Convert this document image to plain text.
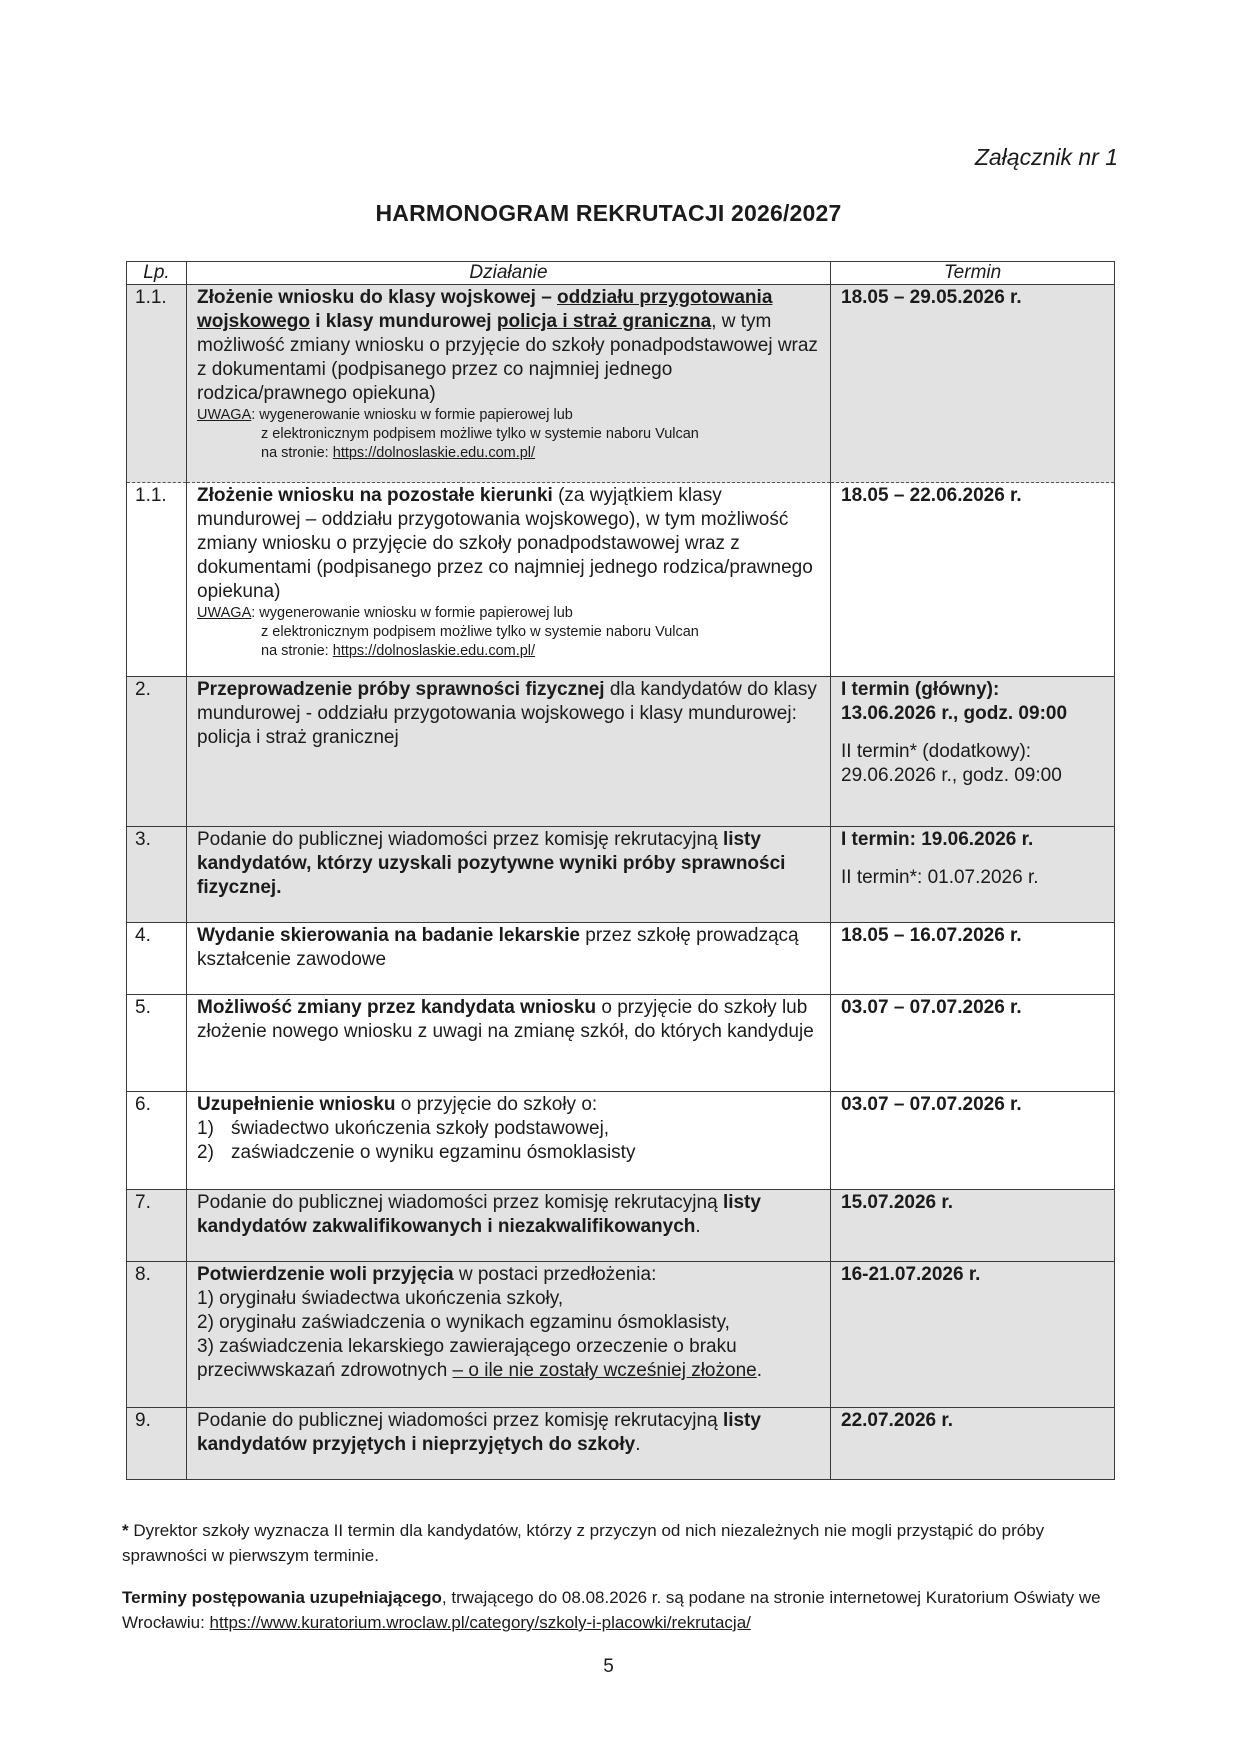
Załącznik nr 1
HARMONOGRAM REKRUTACJI 2026/2027
Lp.	Działanie	Termin
1.1.	Złożenie wniosku do klasy wojskowej – oddziału przygotowania wojskowego i klasy mundurowej policja i straż graniczna, w tym możliwość zmiany wniosku o przyjęcie do szkoły ponadpodstawowej wraz z dokumentami (podpisanego przez co najmniej jednego rodzica/prawnego opiekuna)
UWAGA: wygenerowanie wniosku w formie papierowej lub
z elektronicznym podpisem możliwe tylko w systemie naboru Vulcan
na stronie: https://dolnoslaskie.edu.com.pl/	18.05 – 29.05.2026 r.
1.1.	Złożenie wniosku na pozostałe kierunki (za wyjątkiem klasy mundurowej – oddziału przygotowania wojskowego), w tym możliwość zmiany wniosku o przyjęcie do szkoły ponadpodstawowej wraz z dokumentami (podpisanego przez co najmniej jednego rodzica/prawnego opiekuna)
UWAGA: wygenerowanie wniosku w formie papierowej lub
z elektronicznym podpisem możliwe tylko w systemie naboru Vulcan
na stronie: https://dolnoslaskie.edu.com.pl/	18.05 – 22.06.2026 r.
2.	Przeprowadzenie próby sprawności fizycznej dla kandydatów do klasy mundurowej - oddziału przygotowania wojskowego i klasy mundurowej: policja i straż granicznej	I termin (główny):
13.06.2026 r., godz. 09:00
II termin* (dodatkowy):
29.06.2026 r., godz. 09:00

3.	Podanie do publicznej wiadomości przez komisję rekrutacyjną listy kandydatów, którzy uzyskali pozytywne wyniki próby sprawności fizycznej.	I termin: 19.06.2026 r.
II termin*: 01.07.2026 r.

4.	Wydanie skierowania na badanie lekarskie przez szkołę prowadzącą kształcenie zawodowe	18.05 – 16.07.2026 r.
5.	Możliwość zmiany przez kandydata wniosku o przyjęcie do szkoły lub złożenie nowego wniosku z uwagi na zmianę szkół, do których kandyduje	03.07 – 07.07.2026 r.
6.	Uzupełnienie wniosku o przyjęcie do szkoły o:
1) świadectwo ukończenia szkoły podstawowej,
2) zaświadczenie o wyniku egzaminu ósmoklasisty	03.07 – 07.07.2026 r.
7.	Podanie do publicznej wiadomości przez komisję rekrutacyjną listy kandydatów zakwalifikowanych i niezakwalifikowanych.	15.07.2026 r.
8.	Potwierdzenie woli przyjęcia w postaci przedłożenia:
1) oryginału świadectwa ukończenia szkoły,
2) oryginału zaświadczenia o wynikach egzaminu ósmoklasisty,
3) zaświadczenia lekarskiego zawierającego orzeczenie o braku
przeciwwskazań zdrowotnych – o ile nie zostały wcześniej złożone.	16-21.07.2026 r.
9.	Podanie do publicznej wiadomości przez komisję rekrutacyjną listy kandydatów przyjętych i nieprzyjętych do szkoły.	22.07.2026 r.
* Dyrektor szkoły wyznacza II termin dla kandydatów, którzy z przyczyn od nich niezależnych nie mogli przystąpić do próby sprawności w pierwszym terminie.
Terminy postępowania uzupełniającego, trwającego do 08.08.2026 r. są podane na stronie internetowej Kuratorium Oświaty we Wrocławiu: https://www.kuratorium.wroclaw.pl/category/szkoly-i-placowki/rekrutacja/
5
